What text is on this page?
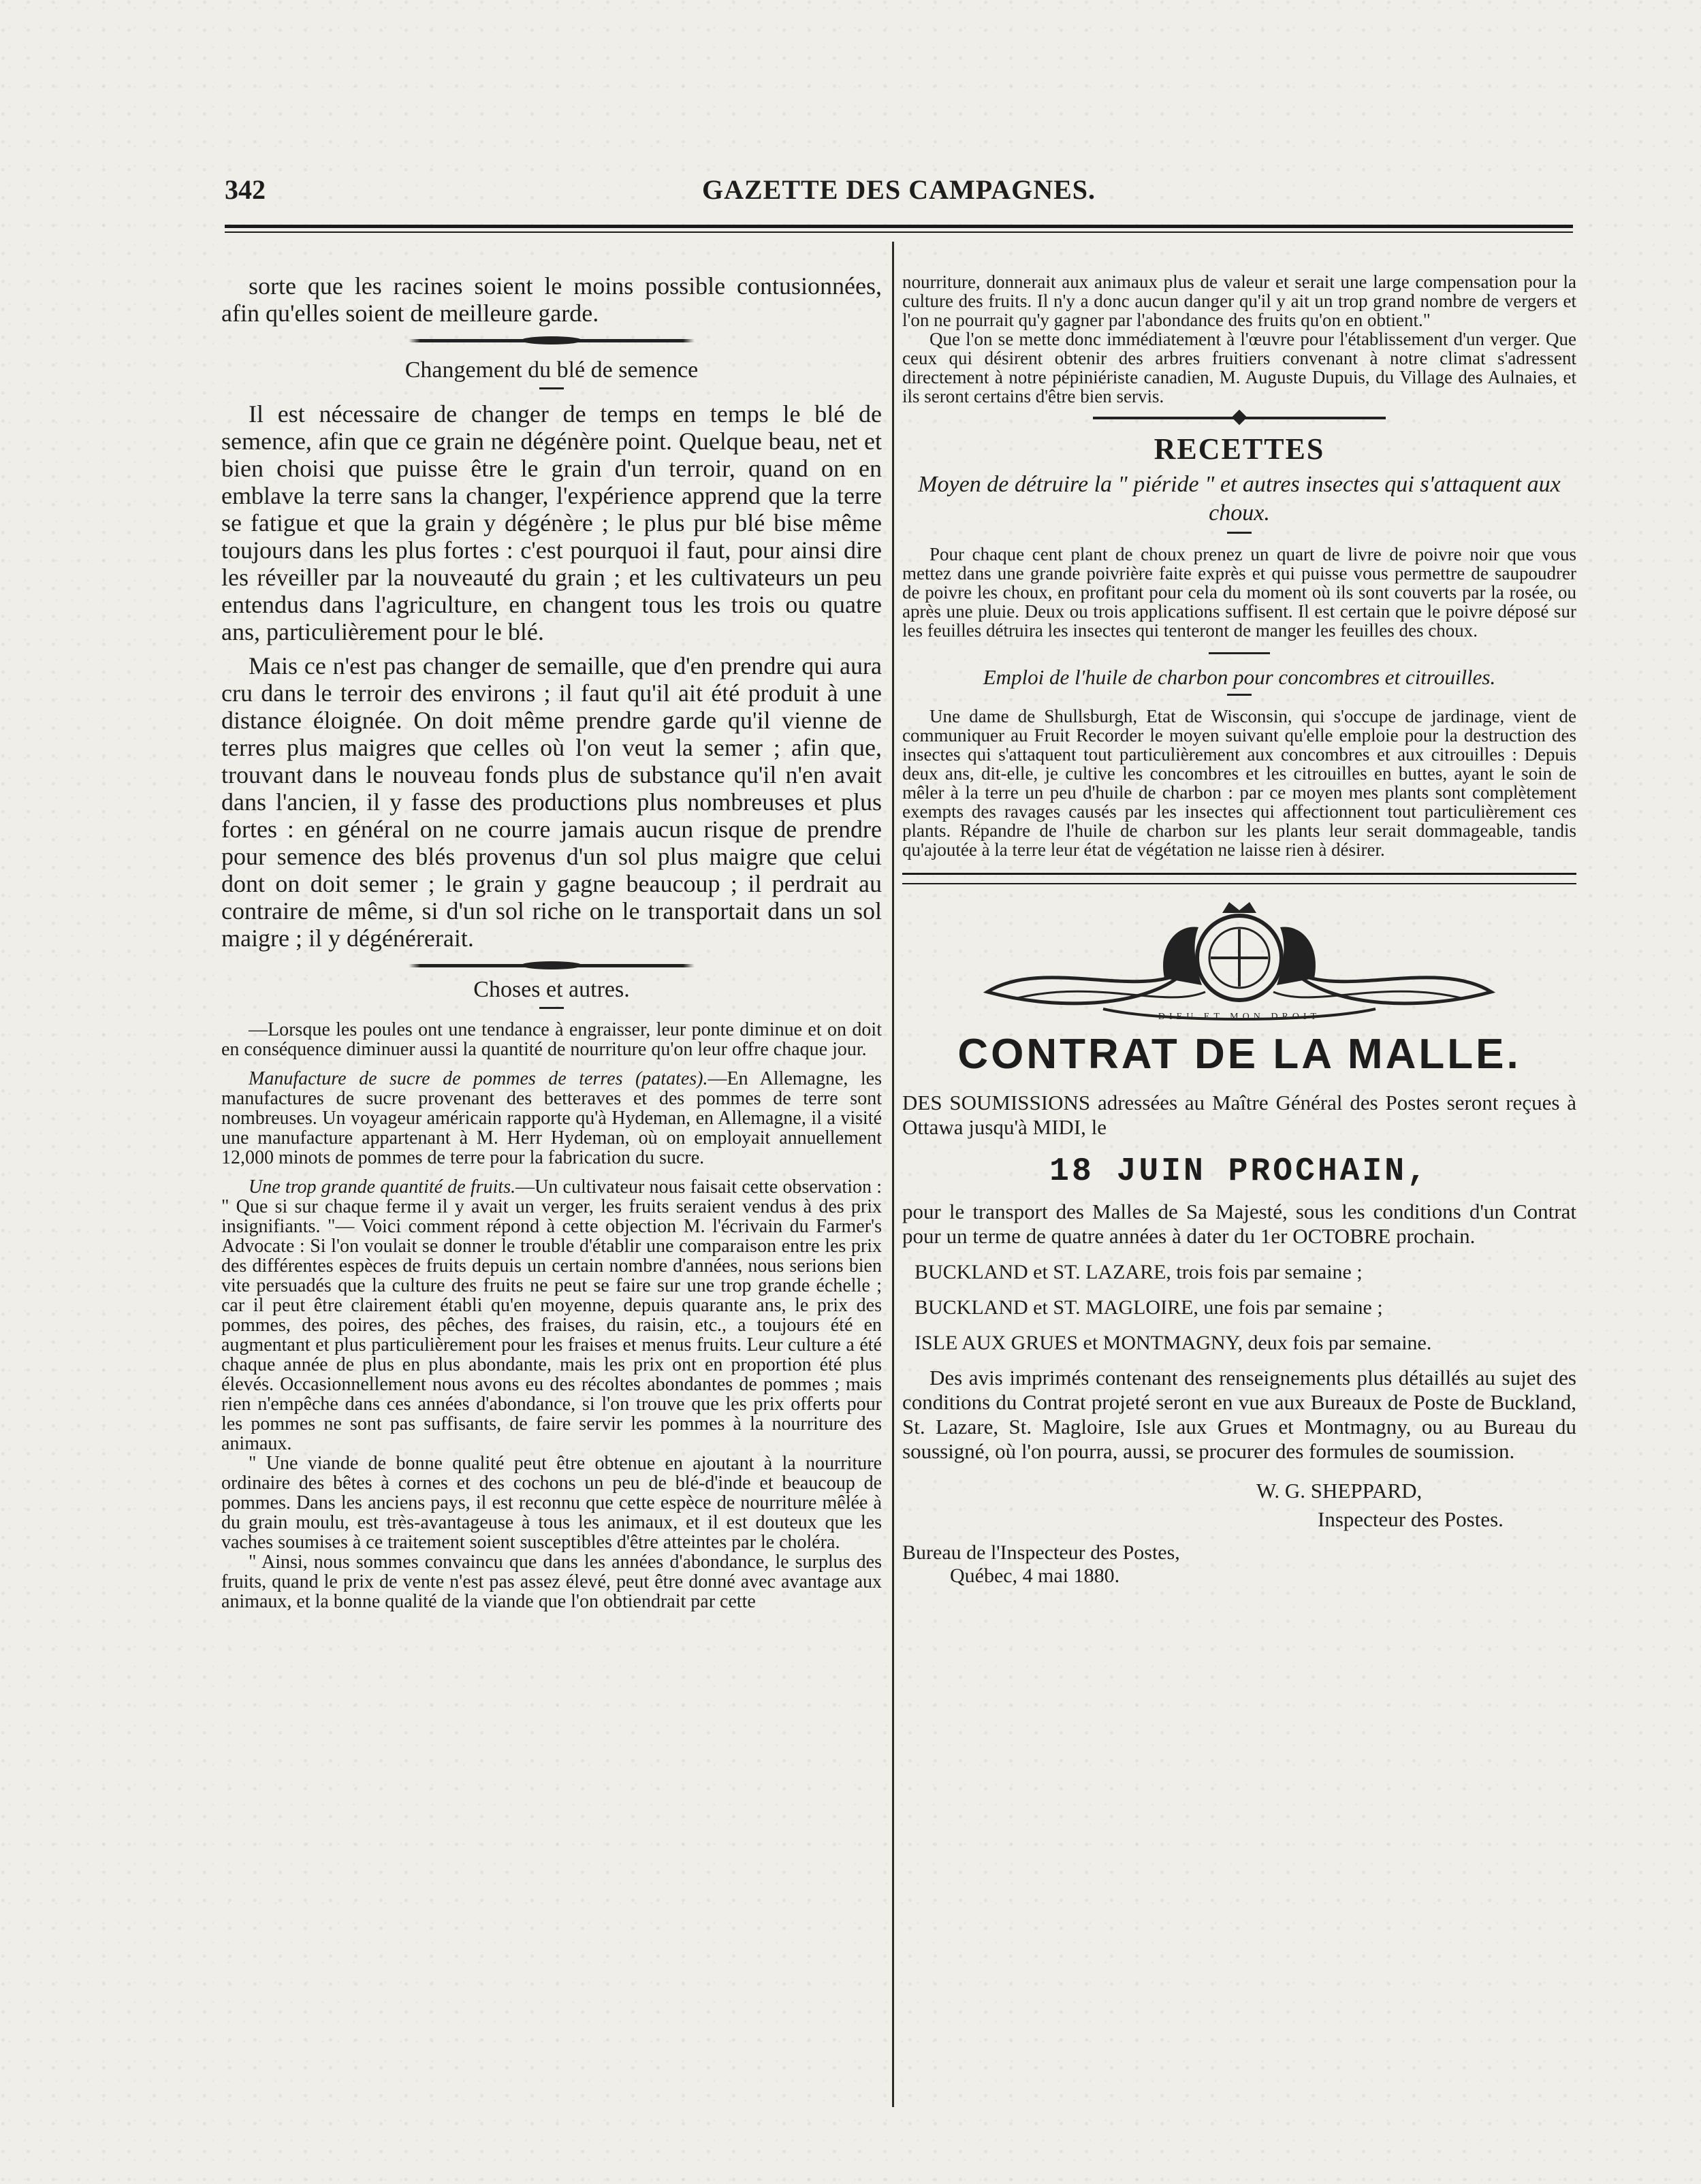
342	GAZETTE DES CAMPAGNES.

sorte que les racines soient le moins possible contusionnées, afin qu'elles soient de meilleure garde.

Changement du blé de semence

Il est nécessaire de changer de temps en temps le blé de semence, afin que ce grain ne dégénère point. Quelque beau, net et bien choisi que puisse être le grain d'un terroir, quand on en emblave la terre sans la changer, l'expérience apprend que la terre se fatigue et que la grain y dégénère ; le plus pur blé bise même toujours dans les plus fortes : c'est pourquoi il faut, pour ainsi dire les réveiller par la nouveauté du grain ; et les cultivateurs un peu entendus dans l'agriculture, en changent tous les trois ou quatre ans, particulièrement pour le blé.

Mais ce n'est pas changer de semaille, que d'en prendre qui aura cru dans le terroir des environs ; il faut qu'il ait été produit à une distance éloignée. On doit même prendre garde qu'il vienne de terres plus maigres que celles où l'on veut la semer ; afin que, trouvant dans le nouveau fonds plus de substance qu'il n'en avait dans l'ancien, il y fasse des productions plus nombreuses et plus fortes : en général on ne courre jamais aucun risque de prendre pour semence des blés provenus d'un sol plus maigre que celui dont on doit semer ; le grain y gagne beaucoup ; il perdrait au contraire de même, si d'un sol riche on le transportait dans un sol maigre ; il y dégénérerait.

Choses et autres.

—Lorsque les poules ont une tendance à engraisser, leur ponte diminue et on doit en conséquence diminuer aussi la quantité de nourriture qu'on leur offre chaque jour.

Manufacture de sucre de pommes de terres (patates).—En Allemagne, les manufactures de sucre provenant des betteraves et des pommes de terre sont nombreuses. Un voyageur américain rapporte qu'à Hydeman, en Allemagne, il a visité une manufacture appartenant à M. Herr Hydeman, où on employait annuellement 12,000 minots de pommes de terre pour la fabrication du sucre.

Une trop grande quantité de fruits.—Un cultivateur nous faisait cette observation : " Que si sur chaque ferme il y avait un verger, les fruits seraient vendus à des prix insignifiants. "— Voici comment répond à cette objection M. l'écrivain du Farmer's Advocate : Si l'on voulait se donner le trouble d'établir une comparaison entre les prix des différentes espèces de fruits depuis un certain nombre d'années, nous serions bien vite persuadés que la culture des fruits ne peut se faire sur une trop grande échelle ; car il peut être clairement établi qu'en moyenne, depuis quarante ans, le prix des pommes, des poires, des pêches, des fraises, du raisin, etc., a toujours été en augmentant et plus particulièrement pour les fraises et menus fruits. Leur culture a été chaque année de plus en plus abondante, mais les prix ont en proportion été plus élevés. Occasionnellement nous avons eu des récoltes abondantes de pommes ; mais rien n'empêche dans ces années d'abondance, si l'on trouve que les prix offerts pour les pommes ne sont pas suffisants, de faire servir les pommes à la nourriture des animaux.

" Une viande de bonne qualité peut être obtenue en ajoutant à la nourriture ordinaire des bêtes à cornes et des cochons un peu de blé-d'inde et beaucoup de pommes. Dans les anciens pays, il est reconnu que cette espèce de nourriture mêlée à du grain moulu, est très-avantageuse à tous les animaux, et il est douteux que les vaches soumises à ce traitement soient susceptibles d'être atteintes par le choléra.

" Ainsi, nous sommes convaincu que dans les années d'abondance, le surplus des fruits, quand le prix de vente n'est pas assez élevé, peut être donné avec avantage aux animaux, et la bonne qualité de la viande que l'on obtiendrait par cette

nourriture, donnerait aux animaux plus de valeur et serait une large compensation pour la culture des fruits. Il n'y a donc aucun danger qu'il y ait un trop grand nombre de vergers et l'on ne pourrait qu'y gagner par l'abondance des fruits qu'on en obtient."

Que l'on se mette donc immédiatement à l'œuvre pour l'établissement d'un verger. Que ceux qui désirent obtenir des arbres fruitiers convenant à notre climat s'adressent directement à notre pépiniériste canadien, M. Auguste Dupuis, du Village des Aulnaies, et ils seront certains d'être bien servis.

RECETTES
Moyen de détruire la " piéride " et autres insectes qui s'attaquent aux choux.

Pour chaque cent plant de choux prenez un quart de livre de poivre noir que vous mettez dans une grande poivrière faite exprès et qui puisse vous permettre de saupoudrer de poivre les choux, en profitant pour cela du moment où ils sont couverts par la rosée, ou après une pluie. Deux ou trois applications suffisent. Il est certain que le poivre déposé sur les feuilles détruira les insectes qui tenteront de manger les feuilles des choux.

Emploi de l'huile de charbon pour concombres et citrouilles.

Une dame de Shullsburgh, Etat de Wisconsin, qui s'occupe de jardinage, vient de communiquer au Fruit Recorder le moyen suivant qu'elle emploie pour la destruction des insectes qui s'attaquent tout particulièrement aux concombres et aux citrouilles : Depuis deux ans, dit-elle, je cultive les concombres et les citrouilles en buttes, ayant le soin de mêler à la terre un peu d'huile de charbon : par ce moyen mes plants sont complètement exempts des ravages causés par les insectes qui affectionnent tout particulièrement ces plants. Répandre de l'huile de charbon sur les plants leur serait dommageable, tandis qu'ajoutée à la terre leur état de végétation ne laisse rien à désirer.

DIEU ET MON DROIT
CONTRAT DE LA MALLE.

DES SOUMISSIONS adressées au Maître Général des Postes seront reçues à Ottawa jusqu'à MIDI, le

18 JUIN PROCHAIN,

pour le transport des Malles de Sa Majesté, sous les conditions d'un Contrat pour un terme de quatre années à dater du 1er OCTOBRE prochain.

BUCKLAND et ST. LAZARE, trois fois par semaine ;
BUCKLAND et ST. MAGLOIRE, une fois par semaine ;
ISLE AUX GRUES et MONTMAGNY, deux fois par semaine.

Des avis imprimés contenant des renseignements plus détaillés au sujet des conditions du Contrat projeté seront en vue aux Bureaux de Poste de Buckland, St. Lazare, St. Magloire, Isle aux Grues et Montmagny, ou au Bureau du soussigné, où l'on pourra, aussi, se procurer des formules de soumission.

W. G. SHEPPARD,
Inspecteur des Postes.
Bureau de l'Inspecteur des Postes,
Québec, 4 mai 1880.
